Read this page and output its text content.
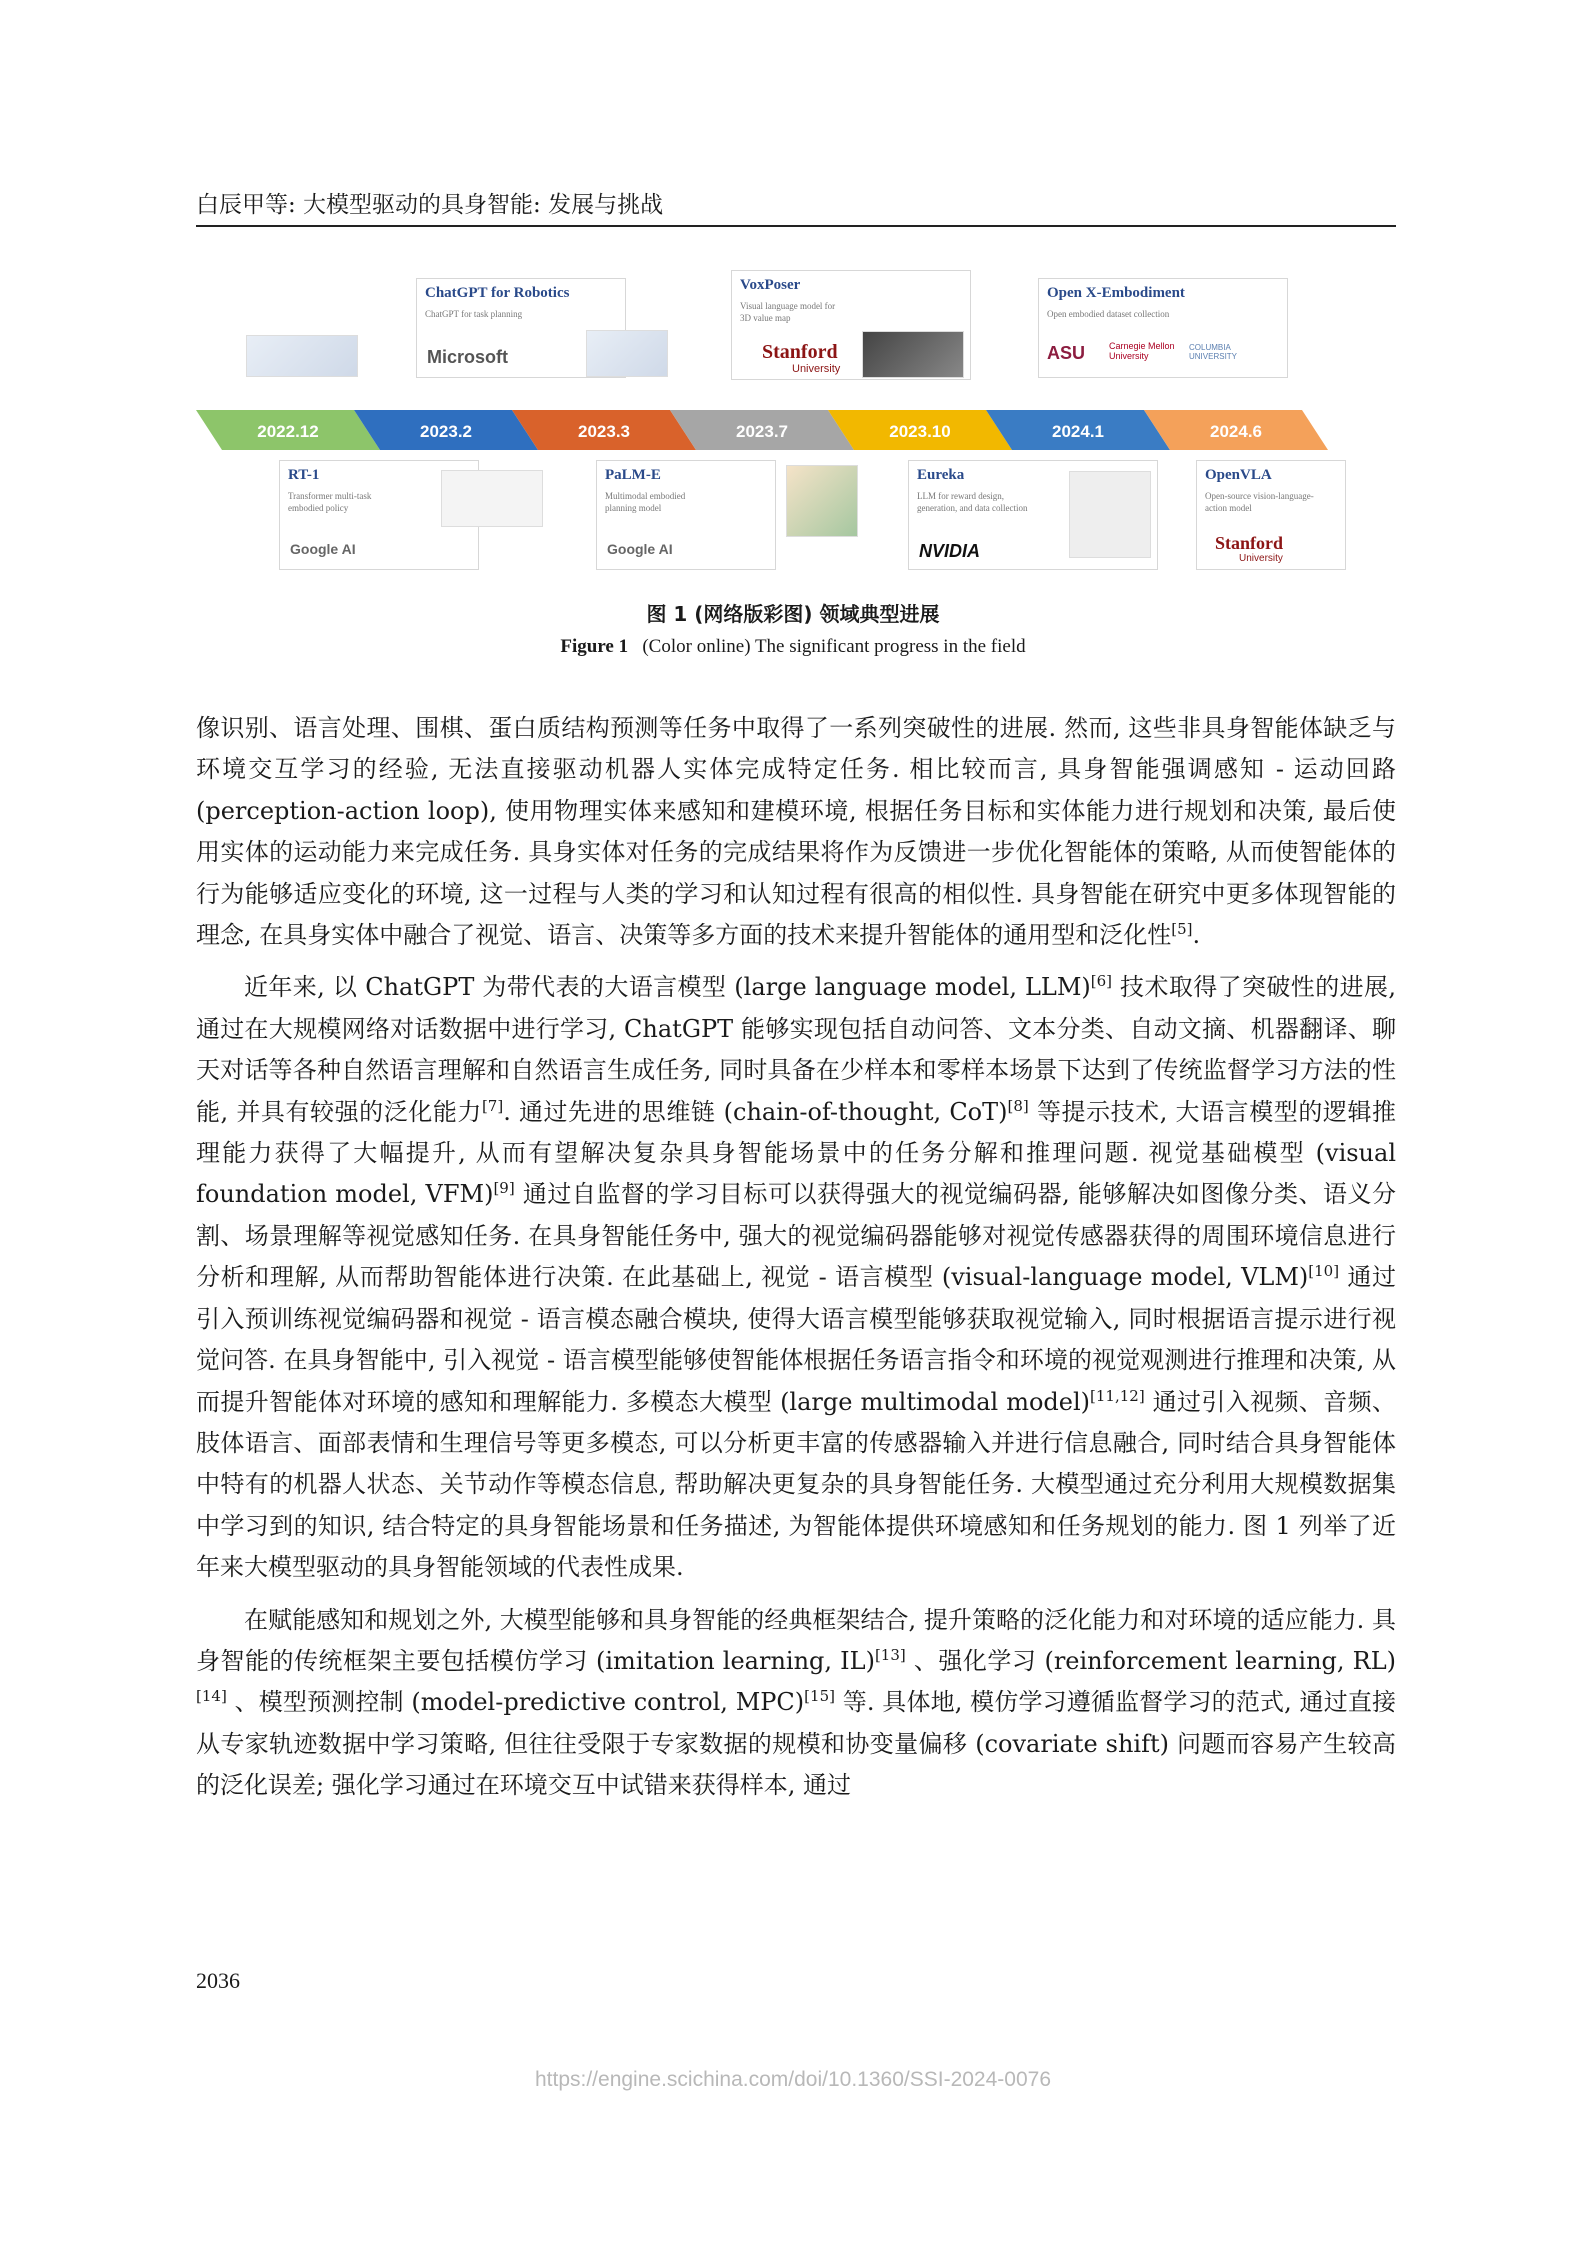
白辰甲等: 大模型驱动的具身智能: 发展与挑战
2022.12	2023.2	2023.3	2023.7	2023.10	2024.1	2024.6
ChatGPT for Robotics
ChatGPT for task planning
Microsoft
VoxPoser
Visual language model for 3D value map
Stanford
University
Open X-Embodiment
Open embodied dataset collection
ASU	Carnegie Mellon University
COLUMBIA UNIVERSITY
RT-1
Transformer multi-task embodied policy
Google AI
PaLM-E
Multimodal embodied planning model
Google AI
Eureka
LLM for reward design, generation, and data collection
NVIDIA
OpenVLA
Open-source vision-language-action model
Stanford
University
图 1 (网络版彩图) 领域典型进展
Figure 1 (Color online) The significant progress in the field

像识别、语言处理、围棋、蛋白质结构预测等任务中取得了一系列突破性的进展. 然而, 这些非具身智能体缺乏与环境交互学习的经验, 无法直接驱动机器人实体完成特定任务. 相比较而言, 具身智能强调感知 - 运动回路 (perception-action loop), 使用物理实体来感知和建模环境, 根据任务目标和实体能力进行规划和决策, 最后使用实体的运动能力来完成任务. 具身实体对任务的完成结果将作为反馈进一步优化智能体的策略, 从而使智能体的行为能够适应变化的环境, 这一过程与人类的学习和认知过程有很高的相似性. 具身智能在研究中更多体现智能的理念, 在具身实体中融合了视觉、语言、决策等多方面的技术来提升智能体的通用型和泛化性[5].

近年来, 以 ChatGPT 为带代表的大语言模型 (large language model, LLM)[6] 技术取得了突破性的进展, 通过在大规模网络对话数据中进行学习, ChatGPT 能够实现包括自动问答、文本分类、自动文摘、机器翻译、聊天对话等各种自然语言理解和自然语言生成任务, 同时具备在少样本和零样本场景下达到了传统监督学习方法的性能, 并具有较强的泛化能力[7]. 通过先进的思维链 (chain-of-thought, CoT)[8] 等提示技术, 大语言模型的逻辑推理能力获得了大幅提升, 从而有望解决复杂具身智能场景中的任务分解和推理问题. 视觉基础模型 (visual foundation model, VFM)[9] 通过自监督的学习目标可以获得强大的视觉编码器, 能够解决如图像分类、语义分割、场景理解等视觉感知任务. 在具身智能任务中, 强大的视觉编码器能够对视觉传感器获得的周围环境信息进行分析和理解, 从而帮助智能体进行决策. 在此基础上, 视觉 - 语言模型 (visual-language model, VLM)[10] 通过引入预训练视觉编码器和视觉 - 语言模态融合模块, 使得大语言模型能够获取视觉输入, 同时根据语言提示进行视觉问答. 在具身智能中, 引入视觉 - 语言模型能够使智能体根据任务语言指令和环境的视觉观测进行推理和决策, 从而提升智能体对环境的感知和理解能力. 多模态大模型 (large multimodal model)[11,12] 通过引入视频、音频、肢体语言、面部表情和生理信号等更多模态, 可以分析更丰富的传感器输入并进行信息融合, 同时结合具身智能体中特有的机器人状态、关节动作等模态信息, 帮助解决更复杂的具身智能任务. 大模型通过充分利用大规模数据集中学习到的知识, 结合特定的具身智能场景和任务描述, 为智能体提供环境感知和任务规划的能力. 图 1 列举了近年来大模型驱动的具身智能领域的代表性成果.

在赋能感知和规划之外, 大模型能够和具身智能的经典框架结合, 提升策略的泛化能力和对环境的适应能力. 具身智能的传统框架主要包括模仿学习 (imitation learning, IL)[13] 、强化学习 (reinforcement learning, RL)[14] 、模型预测控制 (model-predictive control, MPC)[15] 等. 具体地, 模仿学习遵循监督学习的范式, 通过直接从专家轨迹数据中学习策略, 但往往受限于专家数据的规模和协变量偏移 (covariate shift) 问题而容易产生较高的泛化误差; 强化学习通过在环境交互中试错来获得样本, 通过

2036
https://engine.scichina.com/doi/10.1360/SSI-2024-0076
